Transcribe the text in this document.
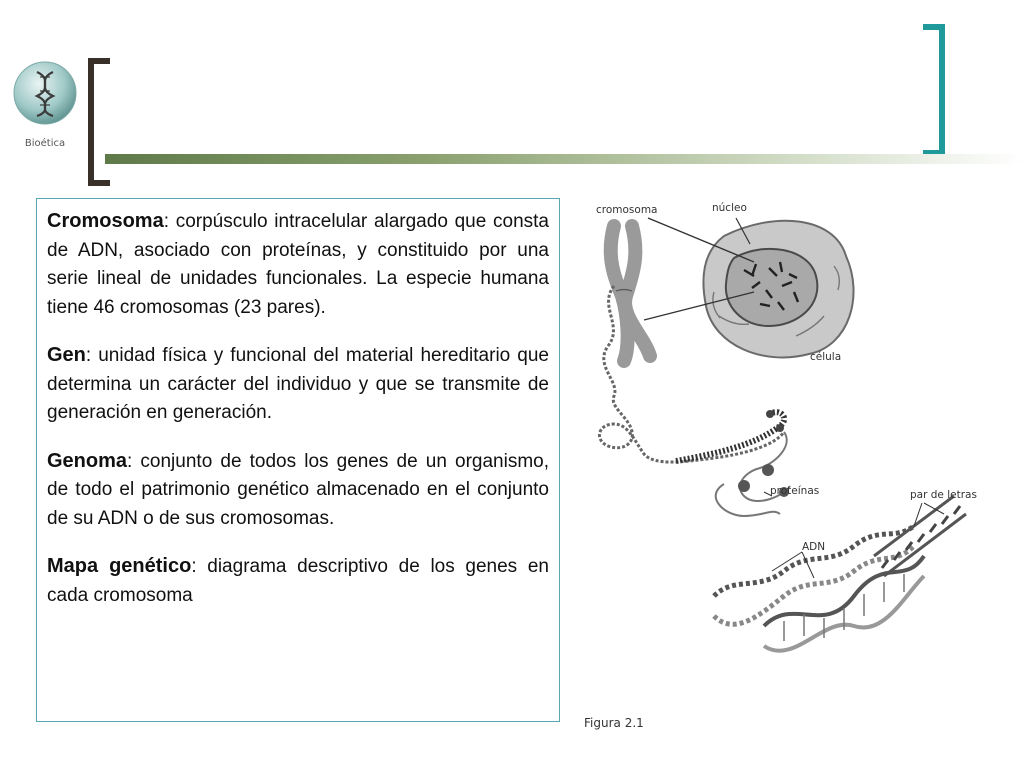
Bioética

Cromosoma: corpúsculo intracelular alargado que consta de ADN, asociado con proteínas, y constituido por una serie lineal de unidades funcionales. La especie humana tiene 46 cromosomas (23 pares).

Gen: unidad física y funcional del material hereditario que determina un carácter del individuo y que se transmite de generación en generación.

Genoma: conjunto de todos los genes de un organismo, de todo el patrimonio genético almacenado en el conjunto de su ADN o de sus cromosomas.

Mapa genético: diagrama descriptivo de los genes en cada cromosoma

cromosoma	núcleo
célula
proteínas	par de letras
ADN
Figura 2.1
